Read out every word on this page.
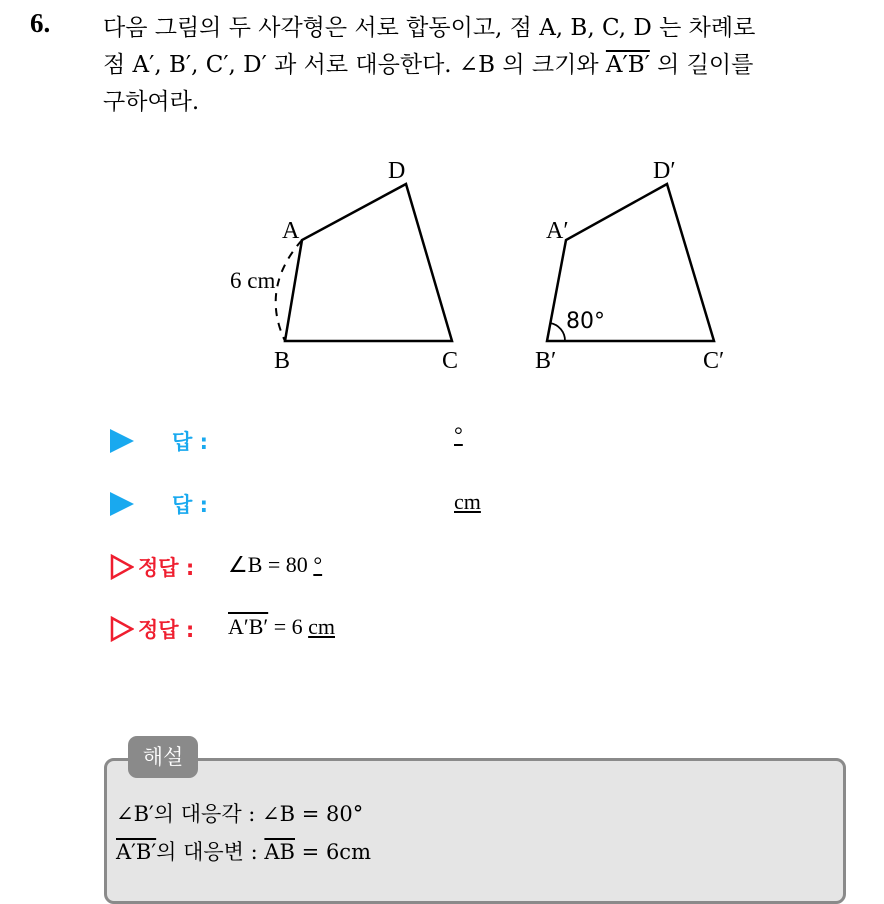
6. 다음 그림의 두 사각형은 서로 합동이고, 점 A, B, C, D 는 차례로
점 A′, B′, C′, D′ 과 서로 대응한다. ∠B 의 크기와 A′B′ 의 길이를
구하여라.
A
B	C
D
6 cm
A′
B′	C′
D′
80°
답 :	°
답 :	cm
정답 : ∠B = 80 °
정답 : A′B′ = 6 cm
해설
∠B′의 대응각 : ∠B = 80°
A′B′의 대응변 : $\overline{AB} = 6cm$
